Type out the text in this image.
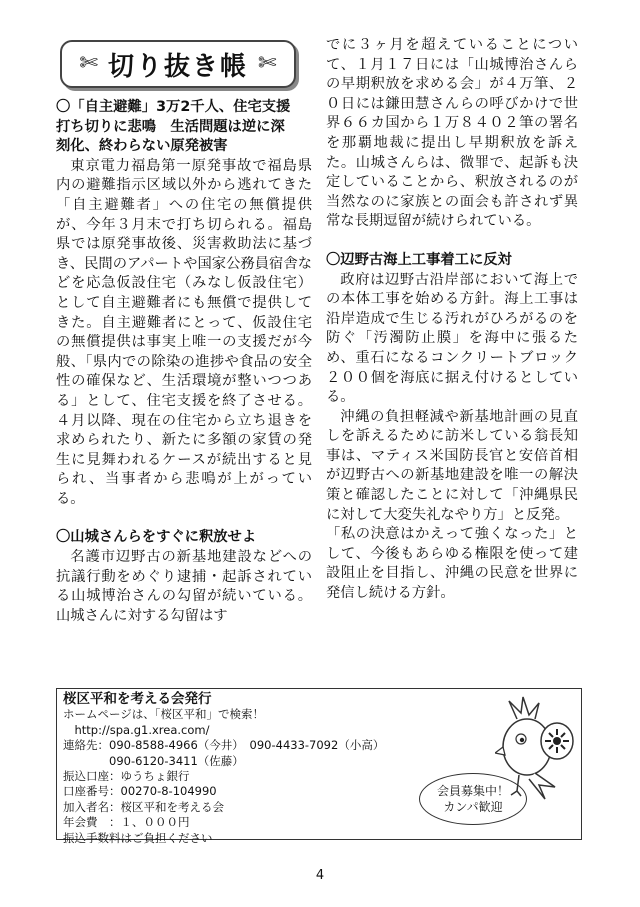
✄ 切り抜き帳 ✄

〇「自主避難」3万2千人、住宅支援

打ち切りに悲鳴　生活問題は逆に深

刻化、終わらない原発被害

東京電力福島第一原発事故で福島県内の避難指示区域以外から逃れてきた「自主避難者」への住宅の無償提供が、今年３月末で打ち切られる。福島県では原発事故後、災害救助法に基づき、民間のアパートや国家公務員宿舎などを応急仮設住宅（みなし仮設住宅）として自主避難者にも無償で提供してきた。自主避難者にとって、仮設住宅の無償提供は事実上唯一の支援だが今般、「県内での除染の進捗や食品の安全性の確保など、生活環境が整いつつある」として、住宅支援を終了させる。４月以降、現在の住宅から立ち退きを求められたり、新たに多額の家賃の発生に見舞われるケースが続出すると見られ、当事者から悲鳴が上がっている。

〇山城さんらをすぐに釈放せよ

名護市辺野古の新基地建設などへの抗議行動をめぐり逮捕・起訴されている山城博治さんの勾留が続いている。山城さんに対する勾留はす

でに３ヶ月を超えていることについて、１月１７日には「山城博治さんらの早期釈放を求める会」が４万筆、２０日には鎌田慧さんらの呼びかけで世界６６カ国から１万８４０２筆の署名を那覇地裁に提出し早期釈放を訴えた。山城さんらは、微罪で、起訴も決定していることから、釈放されるのが当然なのに家族との面会も許されず異常な長期逗留が続けられている。

〇辺野古海上工事着工に反対

政府は辺野古沿岸部において海上での本体工事を始める方針。海上工事は沿岸造成で生じる汚れがひろがるのを防ぐ「汚濁防止膜」を海中に張るため、重石になるコンクリートブロック２００個を海底に据え付けるとしている。

沖縄の負担軽減や新基地計画の見直しを訴えるために訪米している翁長知事は、マティス米国防長官と安倍首相が辺野古への新基地建設を唯一の解決策と確認したことに対して「沖縄県民に対して大変失礼なやり方」と反発。

「私の決意はかえって強くなった」として、今後もあらゆる権限を使って建設阻止を目指し、沖縄の民意を世界に発信し続ける方針。

桜区平和を考える会発行
ホームページは、「桜区平和」で検索！
　http://spa.g1.xrea.com/
連絡先：090-8588-4966（今井）　090-4433-7092（小高）
　　　　090-6120-3411（佐藤）
振込口座：ゆうちょ銀行
口座番号：00270-8-104990
加入者名：桜区平和を考える会
年会費　：１、０００円
振込手数料はご負担ください
会員募集中！
カンパ歓迎
4
